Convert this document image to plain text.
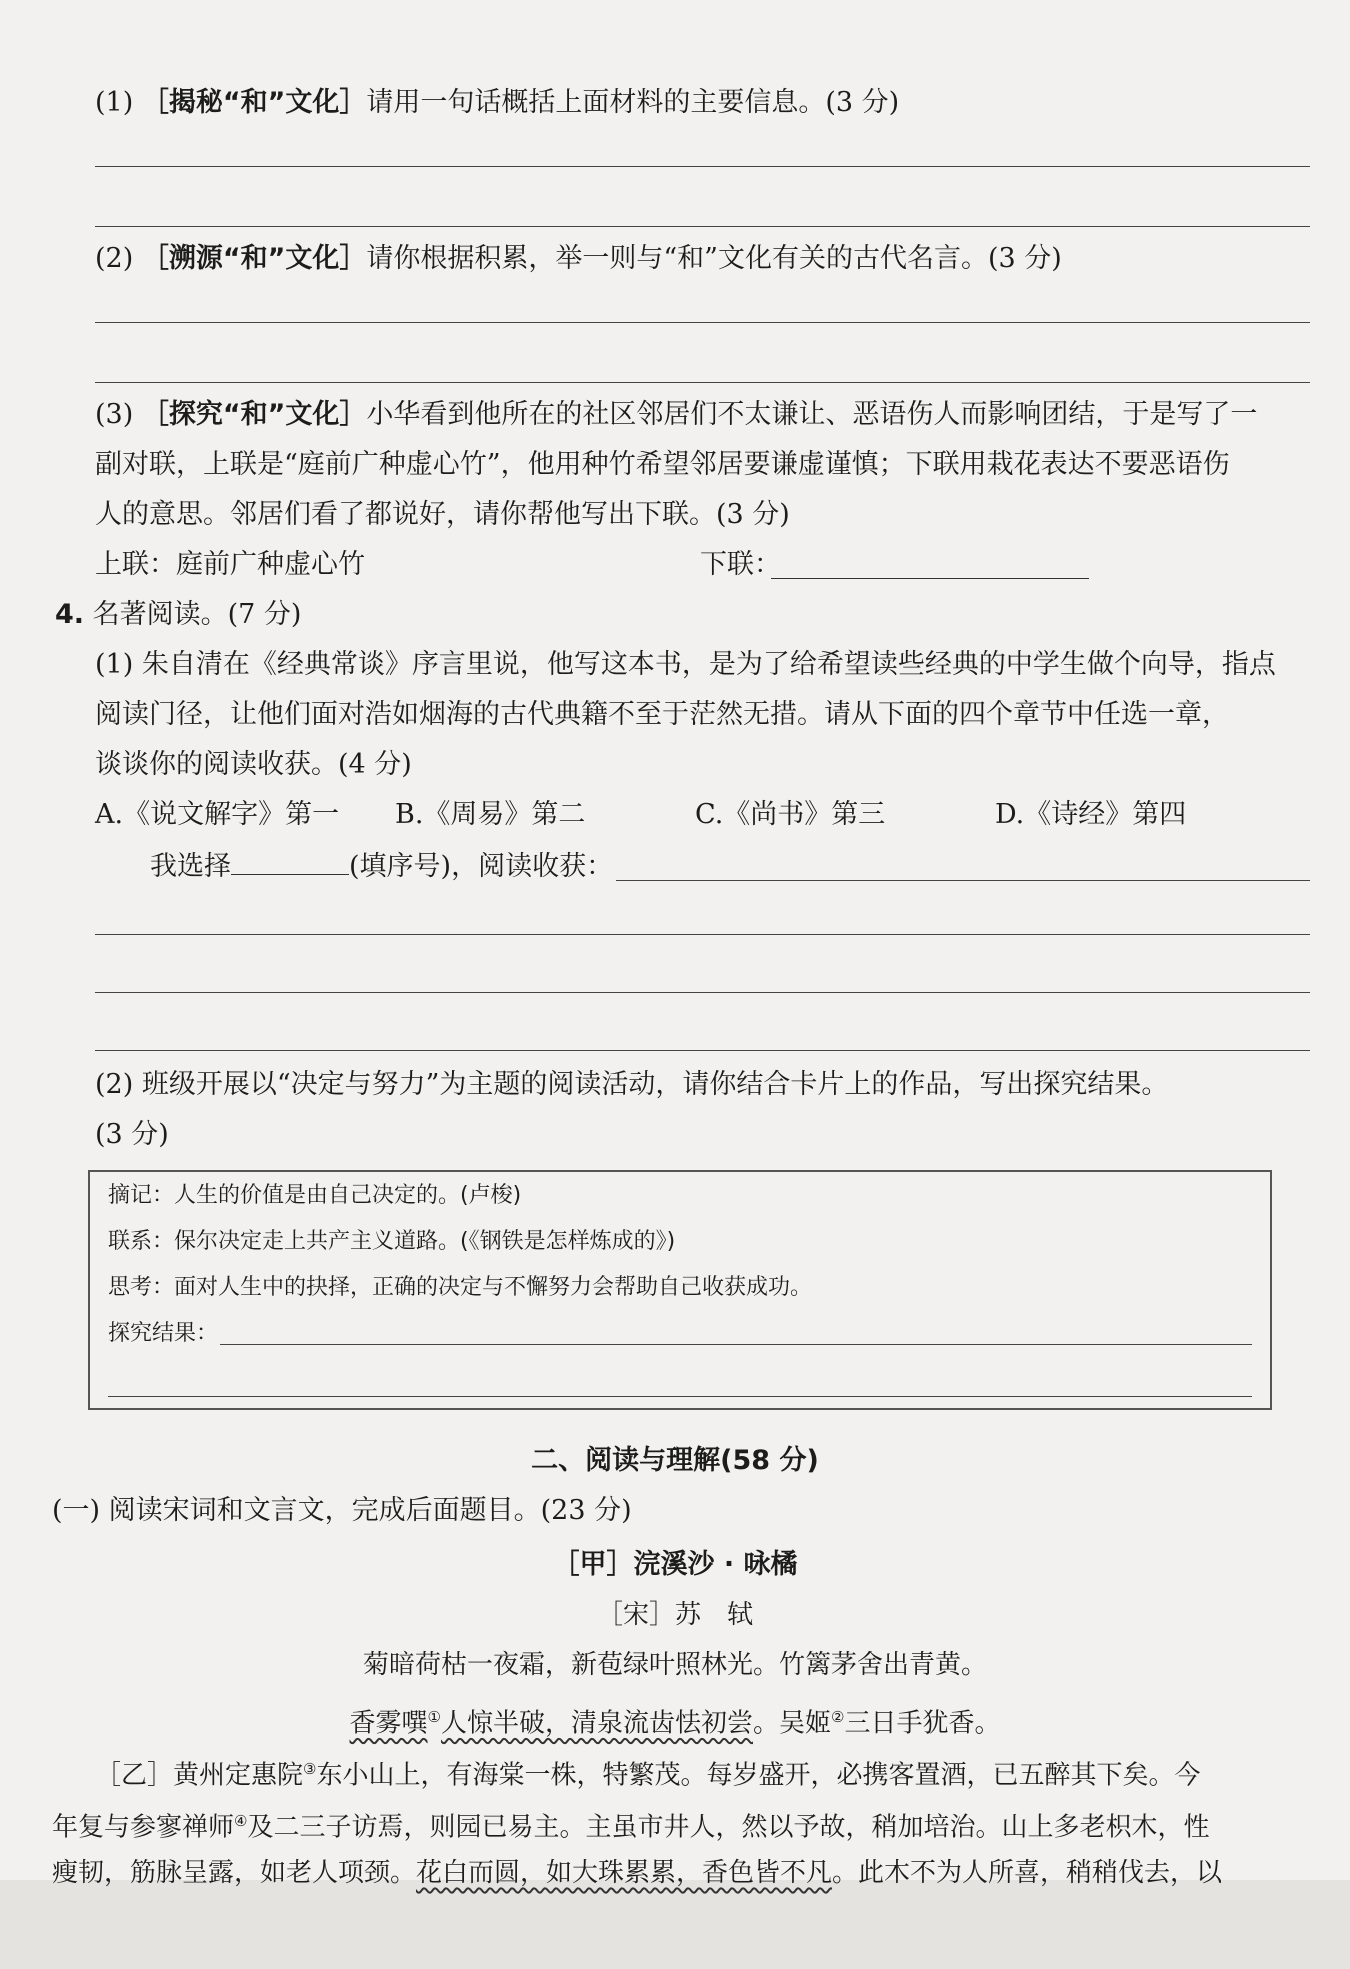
(1) ［揭秘“和”文化］请用一句话概括上面材料的主要信息。(3 分)
(2) ［溯源“和”文化］请你根据积累，举一则与“和”文化有关的古代名言。(3 分)
(3) ［探究“和”文化］小华看到他所在的社区邻居们不太谦让、恶语伤人而影响团结，于是写了一
副对联，上联是“庭前广种虚心竹”，他用种竹希望邻居要谦虚谨慎；下联用栽花表达不要恶语伤
人的意思。邻居们看了都说好，请你帮他写出下联。(3 分)
上联：庭前广种虚心竹	下联：
4. 名著阅读。(7 分)
(1) 朱自清在《经典常谈》序言里说，他写这本书，是为了给希望读些经典的中学生做个向导，指点
阅读门径，让他们面对浩如烟海的古代典籍不至于茫然无措。请从下面的四个章节中任选一章，
谈谈你的阅读收获。(4 分)
A.《说文解字》第一 B.《周易》第二	C.《尚书》第三	D.《诗经》第四
我选择	(填序号)，阅读收获：
(2) 班级开展以“决定与努力”为主题的阅读活动，请你结合卡片上的作品，写出探究结果。
(3 分)
摘记：人生的价值是由自己决定的。(卢梭)
联系：保尔决定走上共产主义道路。(《钢铁是怎样炼成的》)
思考：面对人生中的抉择，正确的决定与不懈努力会帮助自己收获成功。
探究结果：
二、阅读与理解(58 分)
(一) 阅读宋词和文言文，完成后面题目。(23 分)
［甲］浣溪沙 · 咏橘
［宋］苏　轼
菊暗荷枯一夜霜，新苞绿叶照林光。竹篱茅舍出青黄。
香雾噀①人惊半破，清泉流齿怯初尝。吴姬②三日手犹香。
［乙］黄州定惠院③东小山上，有海棠一株，特繁茂。每岁盛开，必携客置酒，已五醉其下矣。今
年复与参寥禅师④及二三子访焉，则园已易主。主虽市井人，然以予故，稍加培治。山上多老枳木，性
瘦韧，筋脉呈露，如老人项颈。花白而圆，如大珠累累，香色皆不凡。此木不为人所喜，稍稍伐去，以
